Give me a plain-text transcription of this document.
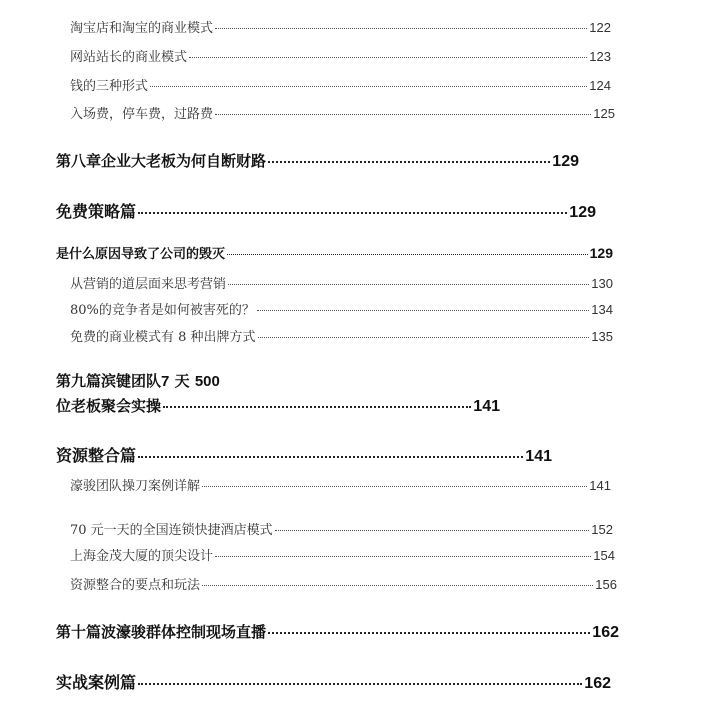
淘宝店和淘宝的商业模式	122
网站站长的商业模式	123
钱的三种形式	124
入场费，停车费，过路费	125
第八章企业大老板为何自断财路	129
免费策略篇	129
是什么原因导致了公司的毁灭	129
从营销的道层面来思考营销	130
80%的竞争者是如何被害死的？	134
免费的商业模式有 8 种出牌方式	135
第九篇滨键团队7 天 500
位老板聚会实操	141
资源整合篇	141
濠骏团队操刀案例详解	141
70 元一天的全国连锁快捷酒店模式	152
上海金茂大厦的顶尖设计	154
资源整合的要点和玩法	156
第十篇波濠骏群体控制现场直播	162
实战案例篇	162
